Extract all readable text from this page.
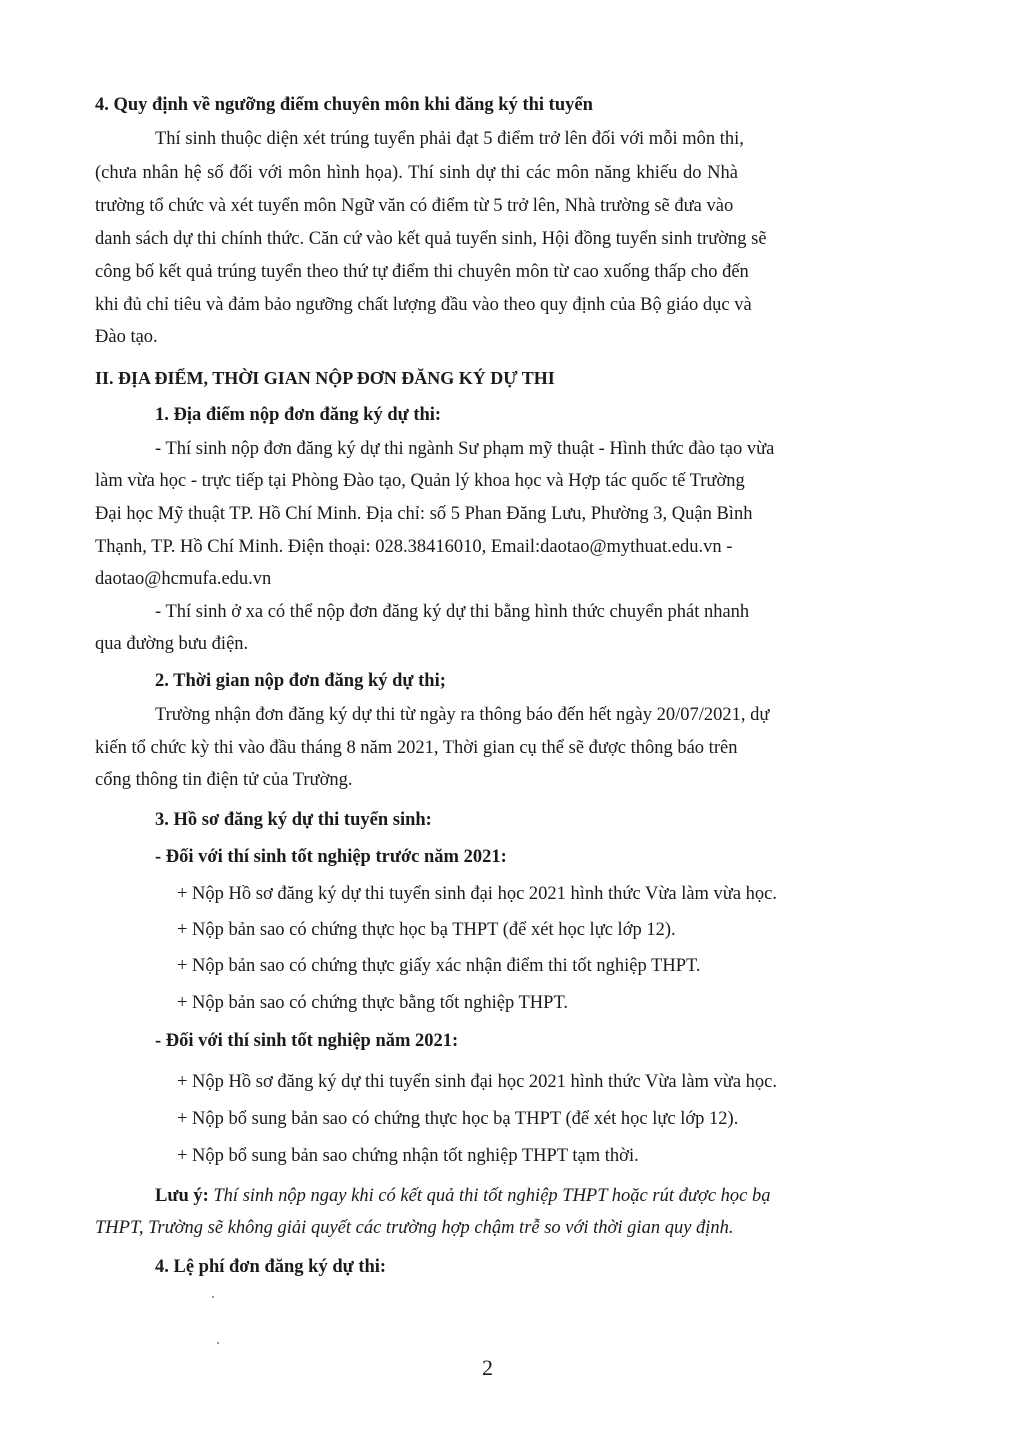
4. Quy định về ngưỡng điểm chuyên môn khi đăng ký thi tuyển
Thí sinh thuộc diện xét trúng tuyển phải đạt 5 điểm trở lên đối với mỗi môn thi,
(chưa nhân hệ số đối với môn hình họa). Thí sinh dự thi các môn năng khiếu do Nhà
trường tổ chức và xét tuyển môn Ngữ văn có điểm từ 5 trở lên, Nhà trường sẽ đưa vào
danh sách dự thi chính thức. Căn cứ vào kết quả tuyển sinh, Hội đồng tuyển sinh trường sẽ
công bố kết quả trúng tuyển theo thứ tự điểm thi chuyên môn từ cao xuống thấp cho đến
khi đủ chỉ tiêu và đảm bảo ngưỡng chất lượng đầu vào theo quy định của Bộ giáo dục và
Đào tạo.
II. ĐỊA ĐIỂM, THỜI GIAN NỘP ĐƠN ĐĂNG KÝ DỰ THI
1. Địa điểm nộp đơn đăng ký dự thi:
- Thí sinh nộp đơn đăng ký dự thi ngành Sư phạm mỹ thuật - Hình thức đào tạo vừa
làm vừa học - trực tiếp tại Phòng Đào tạo, Quản lý khoa học và Hợp tác quốc tế Trường
Đại học Mỹ thuật TP. Hồ Chí Minh. Địa chỉ: số 5 Phan Đăng Lưu, Phường 3, Quận Bình
Thạnh, TP. Hồ Chí Minh. Điện thoại: 028.38416010, Email:daotao@mythuat.edu.vn -
daotao@hcmufa.edu.vn
- Thí sinh ở xa có thể nộp đơn đăng ký dự thi bằng hình thức chuyển phát nhanh
qua đường bưu điện.
2. Thời gian nộp đơn đăng ký dự thi;
Trường nhận đơn đăng ký dự thi từ ngày ra thông báo đến hết ngày 20/07/2021, dự
kiến tổ chức kỳ thi vào đầu tháng 8 năm 2021, Thời gian cụ thể sẽ được thông báo trên
cổng thông tin điện tử của Trường.
3. Hồ sơ đăng ký dự thi tuyển sinh:
- Đối với thí sinh tốt nghiệp trước năm 2021:
+ Nộp Hồ sơ đăng ký dự thi tuyển sinh đại học 2021 hình thức Vừa làm vừa học.
+ Nộp bản sao có chứng thực học bạ THPT (để xét học lực lớp 12).
+ Nộp bản sao có chứng thực giấy xác nhận điểm thi tốt nghiệp THPT.
+ Nộp bản sao có chứng thực bằng tốt nghiệp THPT.
- Đối với thí sinh tốt nghiệp năm 2021:
+ Nộp Hồ sơ đăng ký dự thi tuyển sinh đại học 2021 hình thức Vừa làm vừa học.
+ Nộp bổ sung bản sao có chứng thực học bạ THPT (để xét học lực lớp 12).
+ Nộp bổ sung bản sao chứng nhận tốt nghiệp THPT tạm thời.
Lưu ý: Thí sinh nộp ngay khi có kết quả thi tốt nghiệp THPT hoặc rút được học bạ
THPT, Trường sẽ không giải quyết các trường hợp chậm trễ so với thời gian quy định.
4. Lệ phí đơn đăng ký dự thi:
2
